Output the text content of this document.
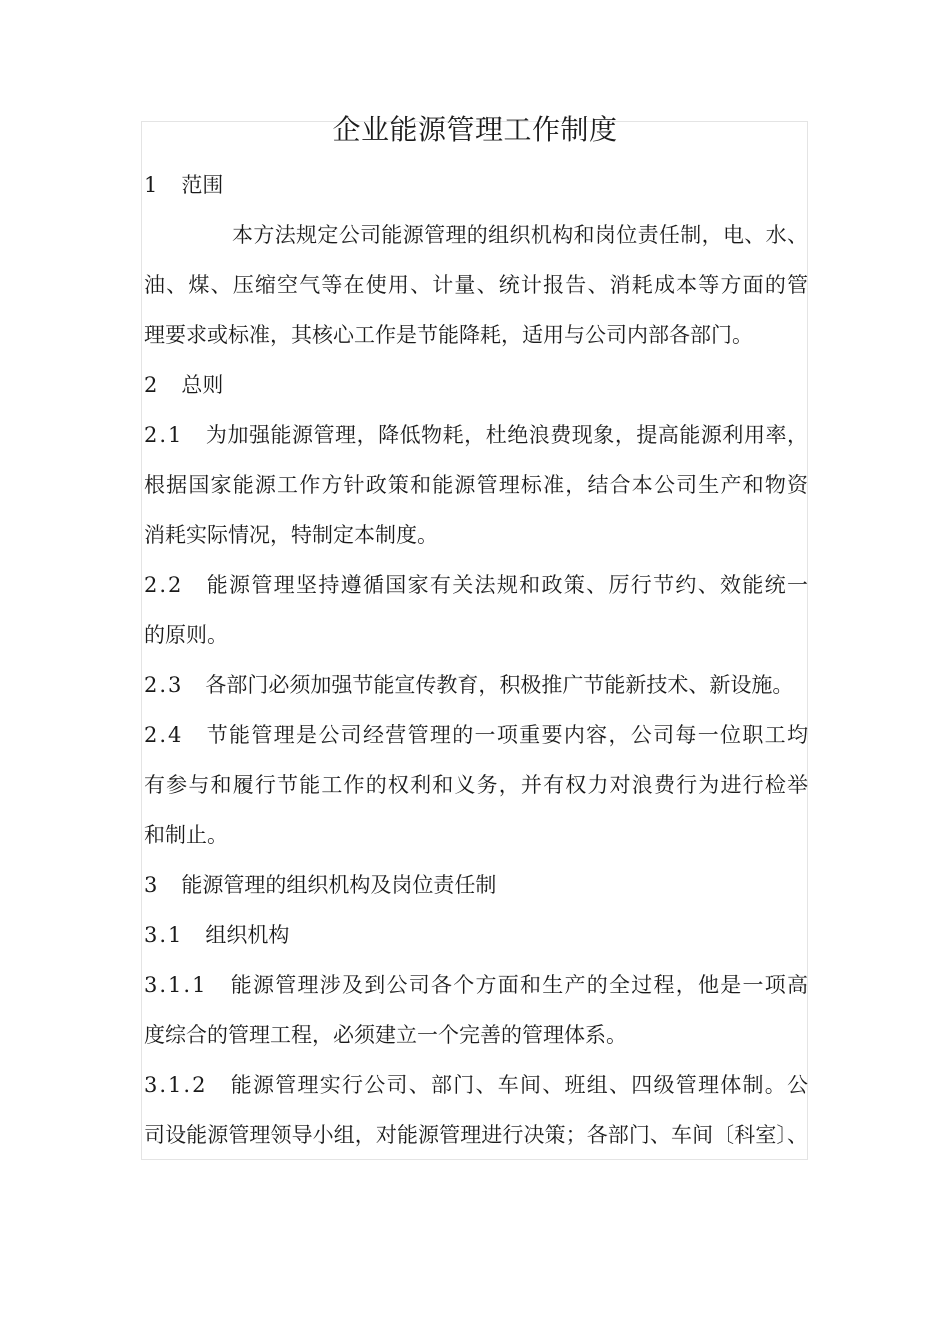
企业能源管理工作制度
1 范围
本方法规定公司能源管理的组织机构和岗位责任制，电、水、
油、煤、压缩空气等在使用、计量、统计报告、消耗成本等方面的管
理要求或标准，其核心工作是节能降耗，适用与公司内部各部门。
2 总则
2.1 为加强能源管理，降低物耗，杜绝浪费现象，提高能源利用率，
根据国家能源工作方针政策和能源管理标准，结合本公司生产和物资
消耗实际情况，特制定本制度。
2.2 能源管理坚持遵循国家有关法规和政策、厉行节约、效能统一
的原则。
2.3 各部门必须加强节能宣传教育，积极推广节能新技术、新设施。
2.4 节能管理是公司经营管理的一项重要内容，公司每一位职工均
有参与和履行节能工作的权利和义务，并有权力对浪费行为进行检举
和制止。
3 能源管理的组织机构及岗位责任制
3.1 组织机构
3.1.1 能源管理涉及到公司各个方面和生产的全过程，他是一项高
度综合的管理工程，必须建立一个完善的管理体系。
3.1.2 能源管理实行公司、部门、车间、班组、四级管理体制。公
司设能源管理领导小组，对能源管理进行决策；各部门、车间〔科室〕、
